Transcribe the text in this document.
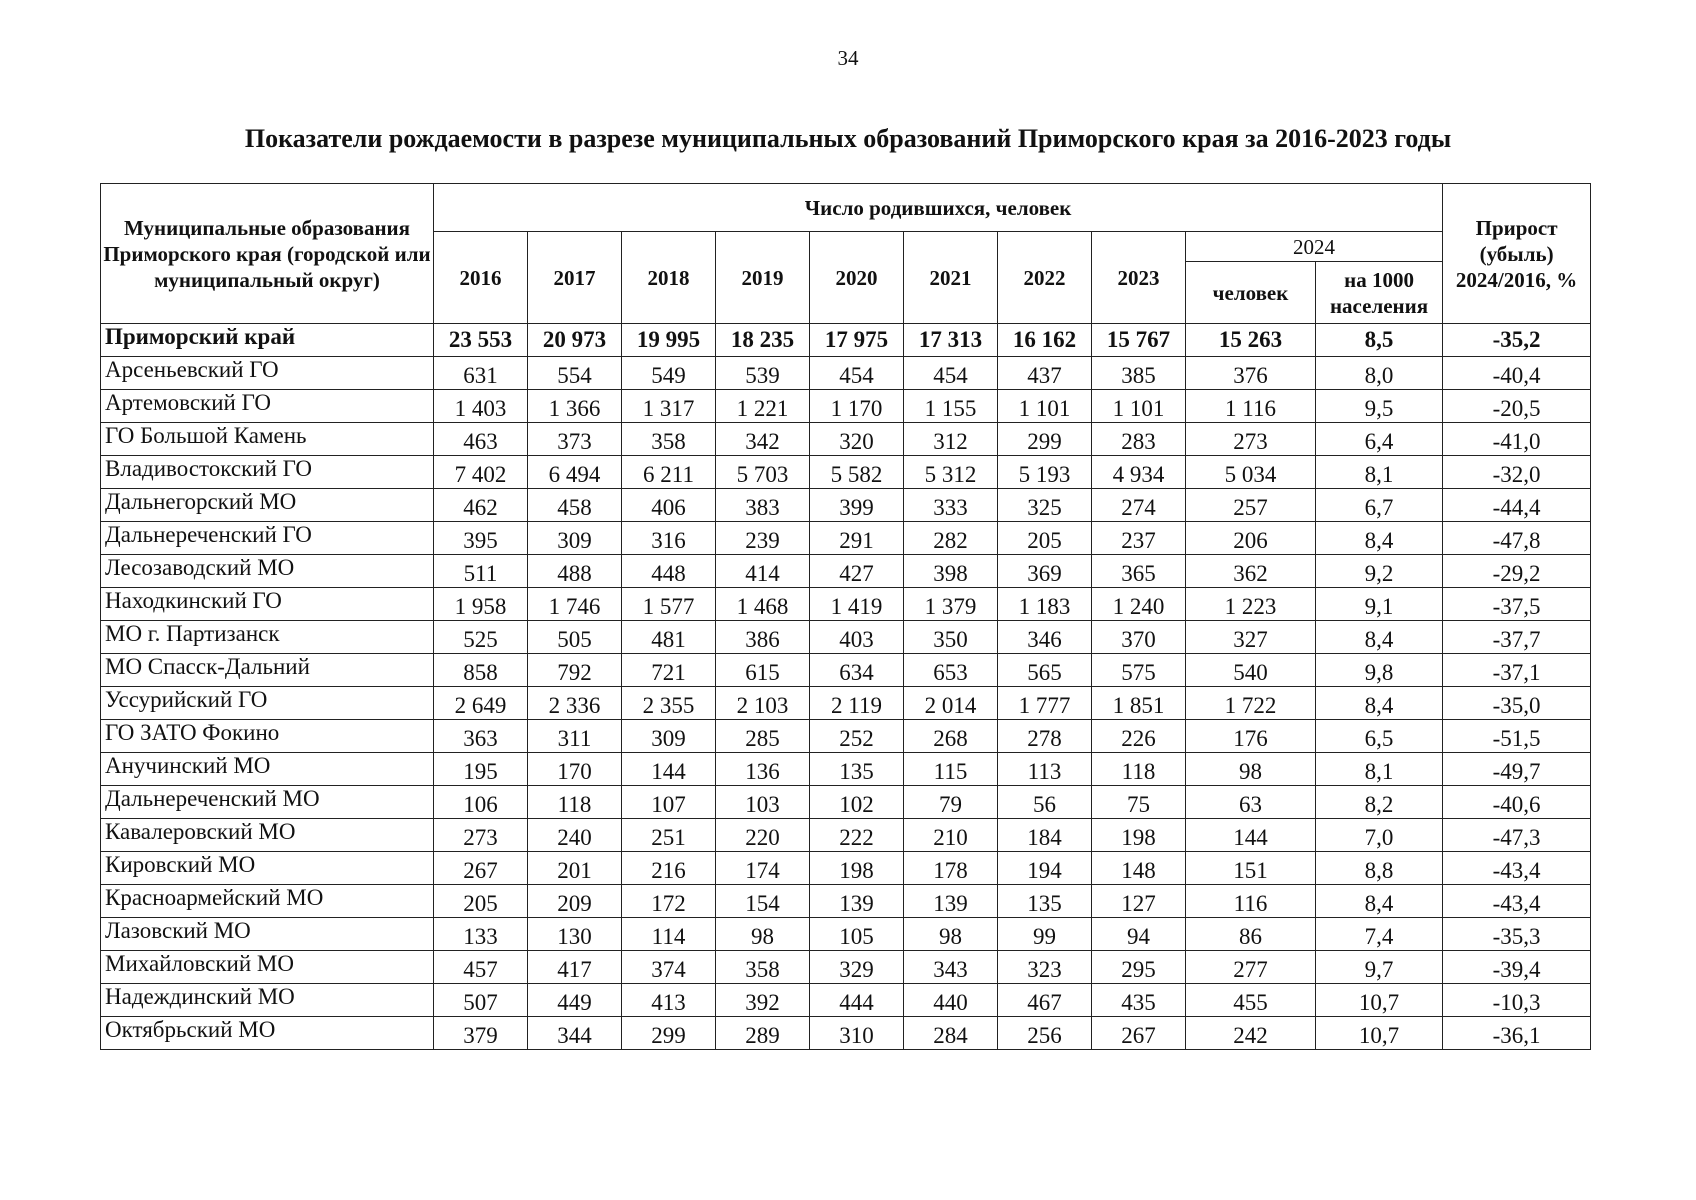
34
Показатели рождаемости в разрезе муниципальных образований Приморского края за 2016-2023 годы
Муниципальные образования Приморского края (городской или муниципальный округ)	Число родившихся, человек										Прирост (убыль) 2024/2016, %
	2016	2017	2018	2019	2020	2021	2022	2023	2024		
									человек	на 1000 населения	
Приморский край	23 553	20 973	19 995	18 235	17 975	17 313	16 162	15 767	15 263	8,5	-35,2
Арсеньевский ГО	631	554	549	539	454	454	437	385	376	8,0	-40,4
Артемовский ГО	1 403	1 366	1 317	1 221	1 170	1 155	1 101	1 101	1 116	9,5	-20,5
ГО Большой Камень	463	373	358	342	320	312	299	283	273	6,4	-41,0
Владивостокский ГО	7 402	6 494	6 211	5 703	5 582	5 312	5 193	4 934	5 034	8,1	-32,0
Дальнегорский МО	462	458	406	383	399	333	325	274	257	6,7	-44,4
Дальнереченский ГО	395	309	316	239	291	282	205	237	206	8,4	-47,8
Лесозаводский МО	511	488	448	414	427	398	369	365	362	9,2	-29,2
Находкинский ГО	1 958	1 746	1 577	1 468	1 419	1 379	1 183	1 240	1 223	9,1	-37,5
МО г. Партизанск	525	505	481	386	403	350	346	370	327	8,4	-37,7
МО Спасск-Дальний	858	792	721	615	634	653	565	575	540	9,8	-37,1
Уссурийский ГО	2 649	2 336	2 355	2 103	2 119	2 014	1 777	1 851	1 722	8,4	-35,0
ГО ЗАТО Фокино	363	311	309	285	252	268	278	226	176	6,5	-51,5
Анучинский МО	195	170	144	136	135	115	113	118	98	8,1	-49,7
Дальнереченский МО	106	118	107	103	102	79	56	75	63	8,2	-40,6
Кавалеровский МО	273	240	251	220	222	210	184	198	144	7,0	-47,3
Кировский МО	267	201	216	174	198	178	194	148	151	8,8	-43,4
Красноармейский МО	205	209	172	154	139	139	135	127	116	8,4	-43,4
Лазовский МО	133	130	114	98	105	98	99	94	86	7,4	-35,3
Михайловский МО	457	417	374	358	329	343	323	295	277	9,7	-39,4
Надеждинский МО	507	449	413	392	444	440	467	435	455	10,7	-10,3
Октябрьский МО	379	344	299	289	310	284	256	267	242	10,7	-36,1
